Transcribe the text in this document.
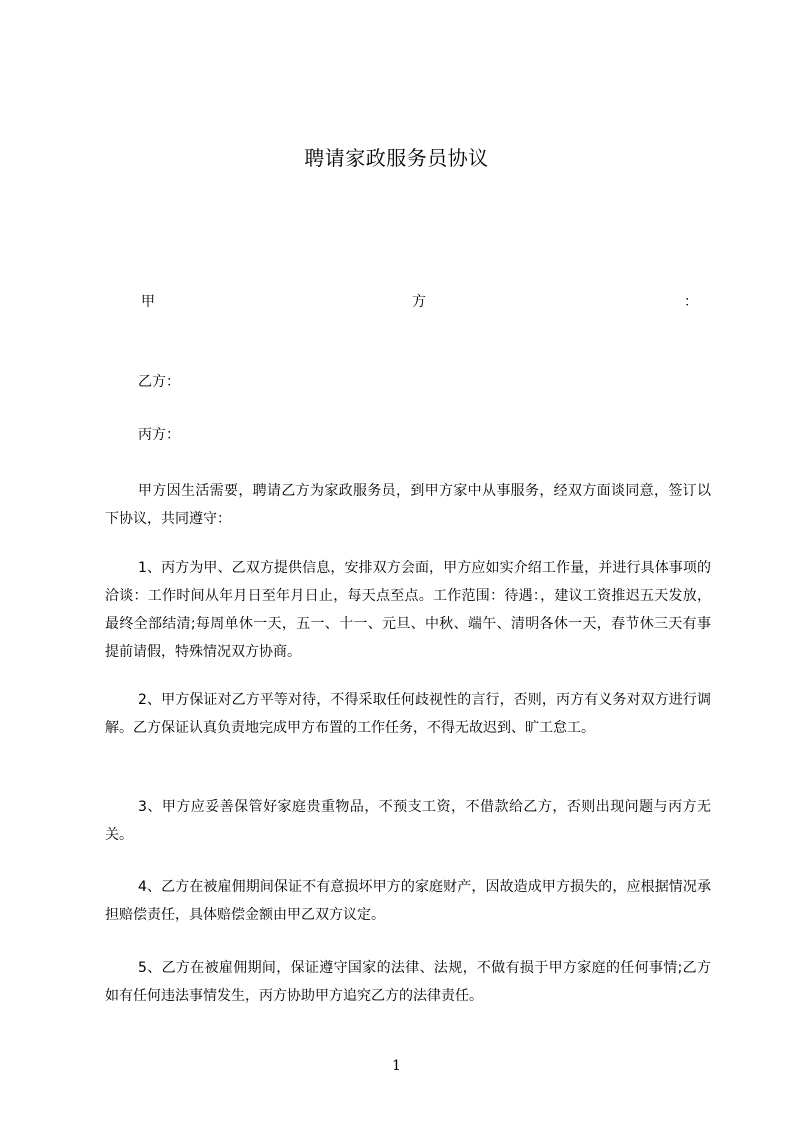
聘请家政服务员协议
甲	方	：
乙方：
丙方：

甲方因生活需要，聘请乙方为家政服务员，到甲方家中从事服务，经双方面谈同意，签订以下协议，共同遵守：

1、丙方为甲、乙双方提供信息，安排双方会面，甲方应如实介绍工作量，并进行具体事项的洽谈：工作时间从年月日至年月日止，每天点至点。工作范围：待遇：，建议工资推迟五天发放，最终全部结清;每周单休一天，五一、十一、元旦、中秋、端午、清明各休一天，春节休三天有事提前请假，特殊情况双方协商。

2、甲方保证对乙方平等对待，不得采取任何歧视性的言行，否则，丙方有义务对双方进行调解。乙方保证认真负责地完成甲方布置的工作任务，不得无故迟到、旷工怠工。

3、甲方应妥善保管好家庭贵重物品，不预支工资，不借款给乙方，否则出现问题与丙方无关。

4、乙方在被雇佣期间保证不有意损坏甲方的家庭财产，因故造成甲方损失的，应根据情况承担赔偿责任，具体赔偿金额由甲乙双方议定。

5、乙方在被雇佣期间，保证遵守国家的法律、法规，不做有损于甲方家庭的任何事情;乙方如有任何违法事情发生，丙方协助甲方追究乙方的法律责任。

1
